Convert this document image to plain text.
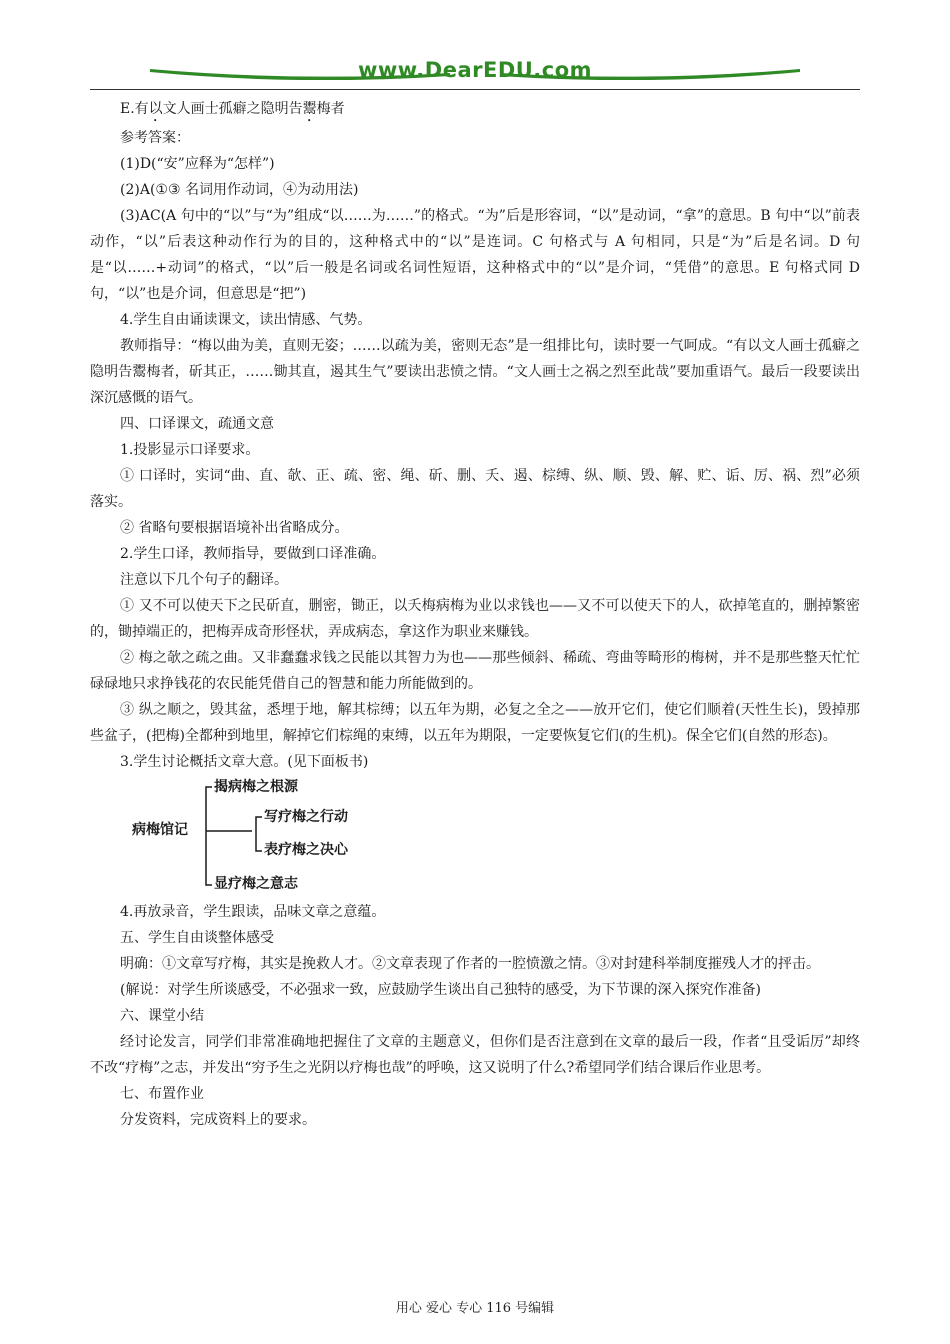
www.DearEDU.com

E.有以文人画士孤癖之隐明告鬻梅者

参考答案：

(1)D(“安”应释为“怎样”)

(2)A(①③ 名词用作动词，④为动用法)

(3)AC(A 句中的“以”与“为”组成“以……为……”的格式。“为”后是形容词，“以”是动词，“拿”的意思。B 句中“以”前表动作，“以”后表这种动作行为的目的，这种格式中的“以”是连词。C 句格式与 A 句相同，只是“为”后是名词。D 句是“以……+动词”的格式，“以”后一般是名词或名词性短语，这种格式中的“以”是介词，“凭借”的意思。E 句格式同 D 句，“以”也是介词，但意思是“把”)

4.学生自由诵读课文，读出情感、气势。

教师指导：“梅以曲为美，直则无姿；……以疏为美，密则无态”是一组排比句，读时要一气呵成。“有以文人画士孤癖之隐明告鬻梅者，斫其正，……锄其直，遏其生气”要读出悲愤之情。“文人画士之祸之烈至此哉”要加重语气。最后一段要读出深沉感慨的语气。

四、口译课文，疏通文意

1.投影显示口译要求。

① 口译时，实词“曲、直、欹、正、疏、密、绳、斫、删、夭、遏、棕缚、纵、顺、毁、解、贮、诟、厉、祸、烈”必须落实。

② 省略句要根据语境补出省略成分。

2.学生口译，教师指导，要做到口译准确。

注意以下几个句子的翻译。

① 又不可以使天下之民斫直，删密，锄正，以夭梅病梅为业以求钱也——又不可以使天下的人，砍掉笔直的，删掉繁密的，锄掉端正的，把梅弄成奇形怪状，弄成病态，拿这作为职业来赚钱。

② 梅之欹之疏之曲。又非蠢蠢求钱之民能以其智力为也——那些倾斜、稀疏、弯曲等畸形的梅树，并不是那些整天忙忙碌碌地只求挣钱花的农民能凭借自己的智慧和能力所能做到的。

③ 纵之顺之，毁其盆，悉埋于地，解其棕缚；以五年为期，必复之全之——放开它们，使它们顺着(天性生长)，毁掉那些盆子，(把梅)全都种到地里，解掉它们棕绳的束缚，以五年为期限，一定要恢复它们(的生机)。保全它们(自然的形态)。

3.学生讨论概括文章大意。(见下面板书)

病梅馆记
揭病梅之根源
写疗梅之行动
表疗梅之决心
显疗梅之意志

4.再放录音，学生跟读，品味文章之意蕴。

五、学生自由谈整体感受

明确：①文章写疗梅，其实是挽救人才。②文章表现了作者的一腔愤激之情。③对封建科举制度摧残人才的抨击。

(解说：对学生所谈感受，不必强求一致，应鼓励学生谈出自己独特的感受，为下节课的深入探究作准备)

六、课堂小结

经讨论发言，同学们非常准确地把握住了文章的主题意义，但你们是否注意到在文章的最后一段，作者“且受诟厉”却终不改“疗梅”之志，并发出“穷予生之光阴以疗梅也哉”的呼唤，这又说明了什么?希望同学们结合课后作业思考。

七、布置作业

分发资料，完成资料上的要求。

用心 爱心 专心 116 号编辑
